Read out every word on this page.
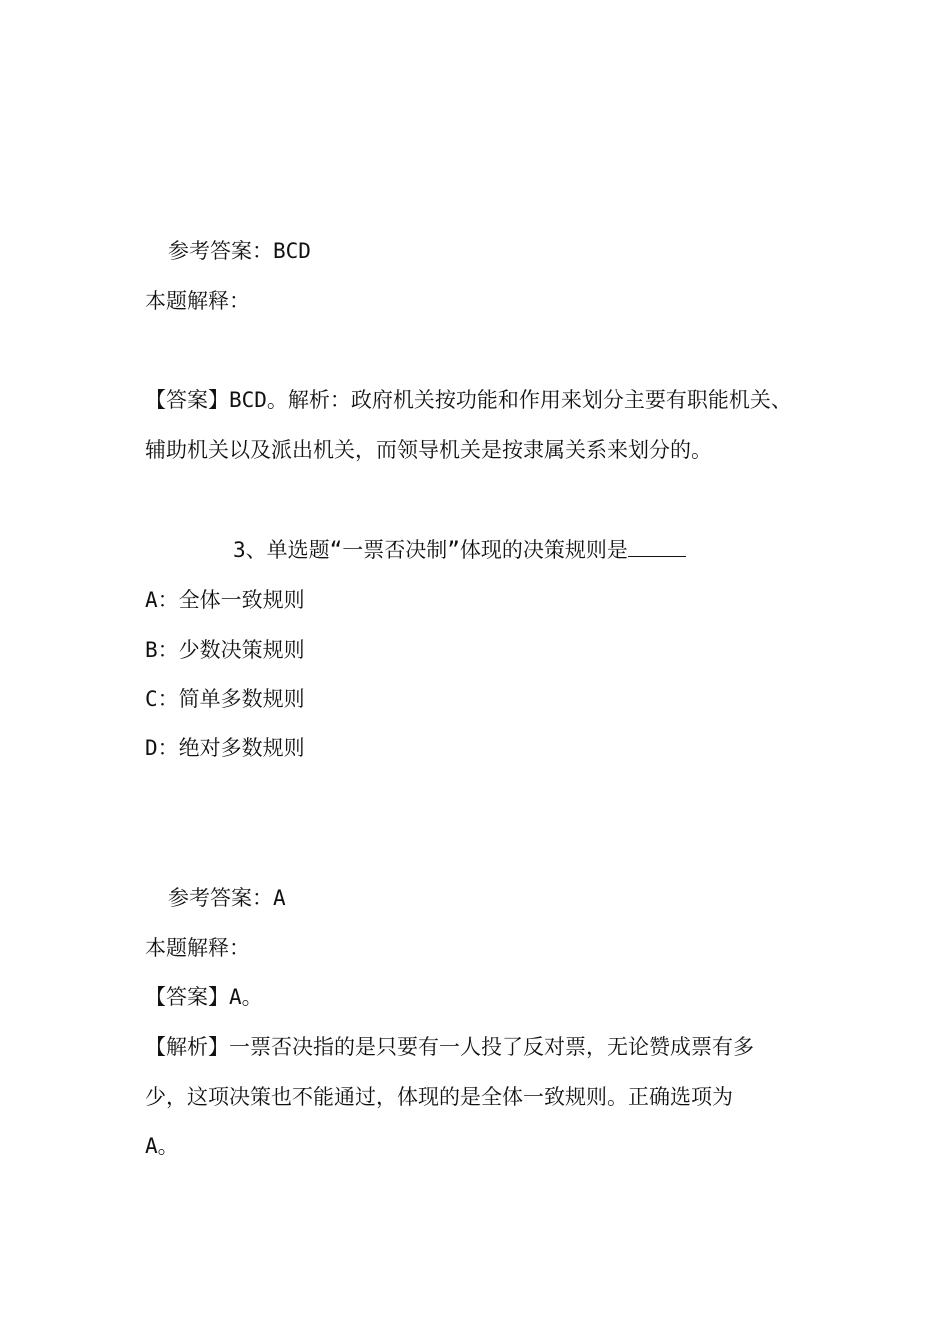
参考答案：BCD
本题解释：
【答案】BCD。解析：政府机关按功能和作用来划分主要有职能机关、
辅助机关以及派出机关，而领导机关是按隶属关系来划分的。
3、单选题“一票否决制”体现的决策规则是
A：全体一致规则
B：少数决策规则
C：简单多数规则
D：绝对多数规则
参考答案：A
本题解释：
【答案】A。
【解析】一票否决指的是只要有一人投了反对票，无论赞成票有多
少，这项决策也不能通过，体现的是全体一致规则。正确选项为
A。
